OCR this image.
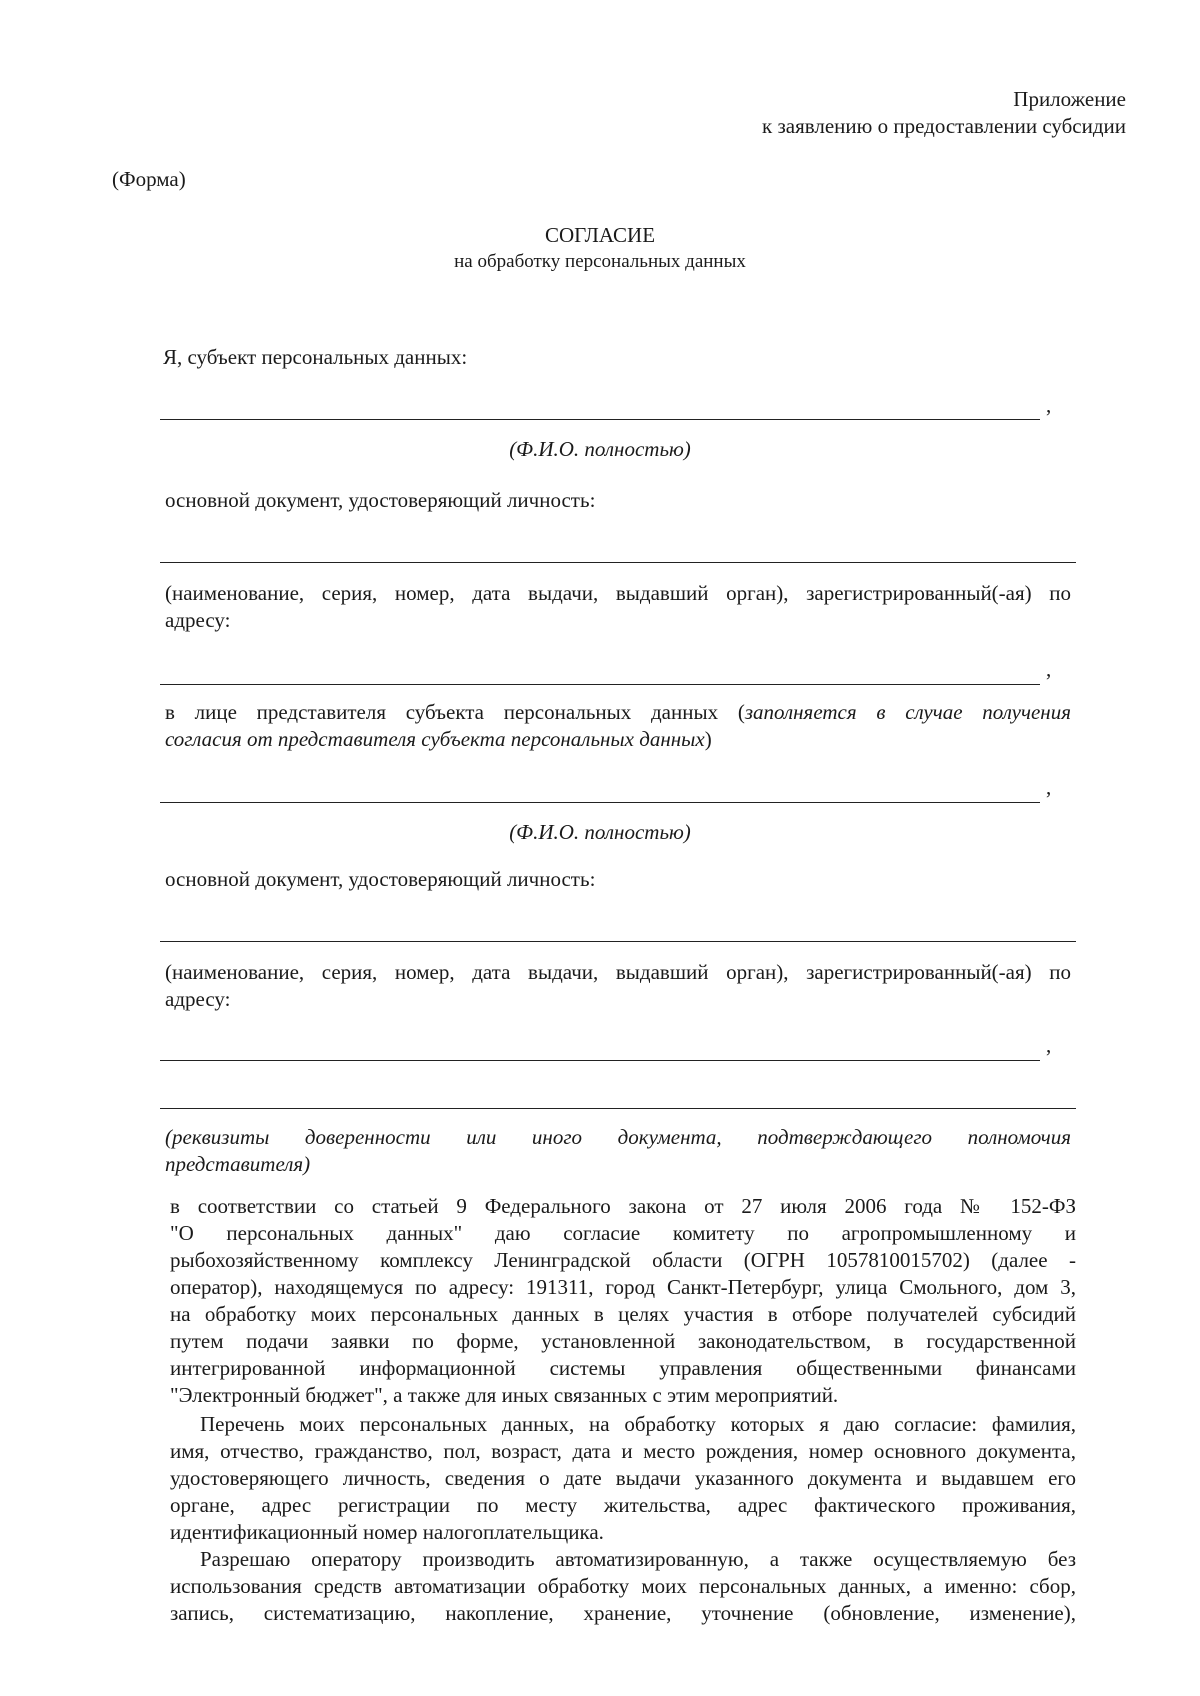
Приложение
к заявлению о предоставлении субсидии
(Форма)
СОГЛАСИЕ
на обработку персональных данных
Я, субъект персональных данных:
,
(Ф.И.О. полностью)
основной документ, удостоверяющий личность:
(наименование, серия, номер, дата выдачи, выдавший орган), зарегистрированный(-ая) по
адресу:
,
в лице представителя субъекта персональных данных (заполняется в случае получения
согласия от представителя субъекта персональных данных)
,
(Ф.И.О. полностью)
основной документ, удостоверяющий личность:
(наименование, серия, номер, дата выдачи, выдавший орган), зарегистрированный(-ая) по
адресу:
,
(реквизиты доверенности или иного документа, подтверждающего полномочия
представителя)
в соответствии со статьей 9 Федерального закона от 27 июля 2006 года № 152-ФЗ
"О персональных данных" даю согласие комитету по агропромышленному и
рыбохозяйственному комплексу Ленинградской области (ОГРН 1057810015702) (далее -
оператор), находящемуся по адресу: 191311, город Санкт-Петербург, улица Смольного, дом 3,
на обработку моих персональных данных в целях участия в отборе получателей субсидий
путем подачи заявки по форме, установленной законодательством, в государственной
интегрированной информационной системы управления общественными финансами
"Электронный бюджет", а также для иных связанных с этим мероприятий.
Перечень моих персональных данных, на обработку которых я даю согласие: фамилия,
имя, отчество, гражданство, пол, возраст, дата и место рождения, номер основного документа,
удостоверяющего личность, сведения о дате выдачи указанного документа и выдавшем его
органе, адрес регистрации по месту жительства, адрес фактического проживания,
идентификационный номер налогоплательщика.
Разрешаю оператору производить автоматизированную, а также осуществляемую без
использования средств автоматизации обработку моих персональных данных, а именно: сбор,
запись, систематизацию, накопление, хранение, уточнение (обновление, изменение),
